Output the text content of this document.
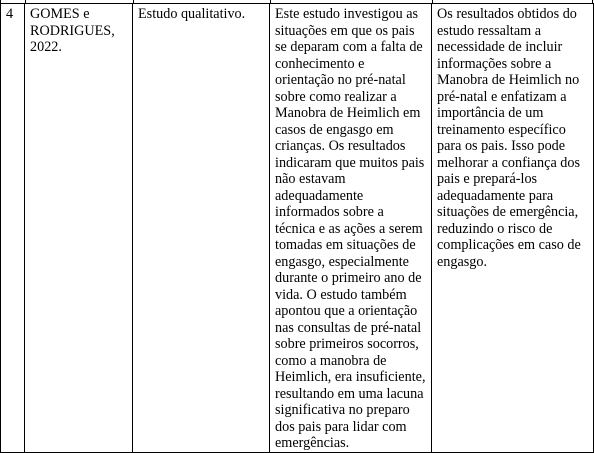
4	GOMES e RODRIGUES, 2022.	Estudo qualitativo.	Este estudo investigou as situações em que os pais se deparam com a falta de conhecimento e orientação no pré-natal sobre como realizar a Manobra de Heimlich em casos de engasgo em crianças. Os resultados indicaram que muitos pais não estavam adequadamente informados sobre a técnica e as ações a serem tomadas em situações de engasgo, especialmente durante o primeiro ano de vida. O estudo também apontou que a orientação nas consultas de pré-natal sobre primeiros socorros, como a manobra de Heimlich, era insuficiente, resultando em uma lacuna significativa no preparo dos pais para lidar com emergências.	Os resultados obtidos do estudo ressaltam a necessidade de incluir informações sobre a Manobra de Heimlich no pré-natal e enfatizam a importância de um treinamento específico para os pais. Isso pode melhorar a confiança dos pais e prepará-los adequadamente para situações de emergência, reduzindo o risco de complicações em caso de engasgo.
